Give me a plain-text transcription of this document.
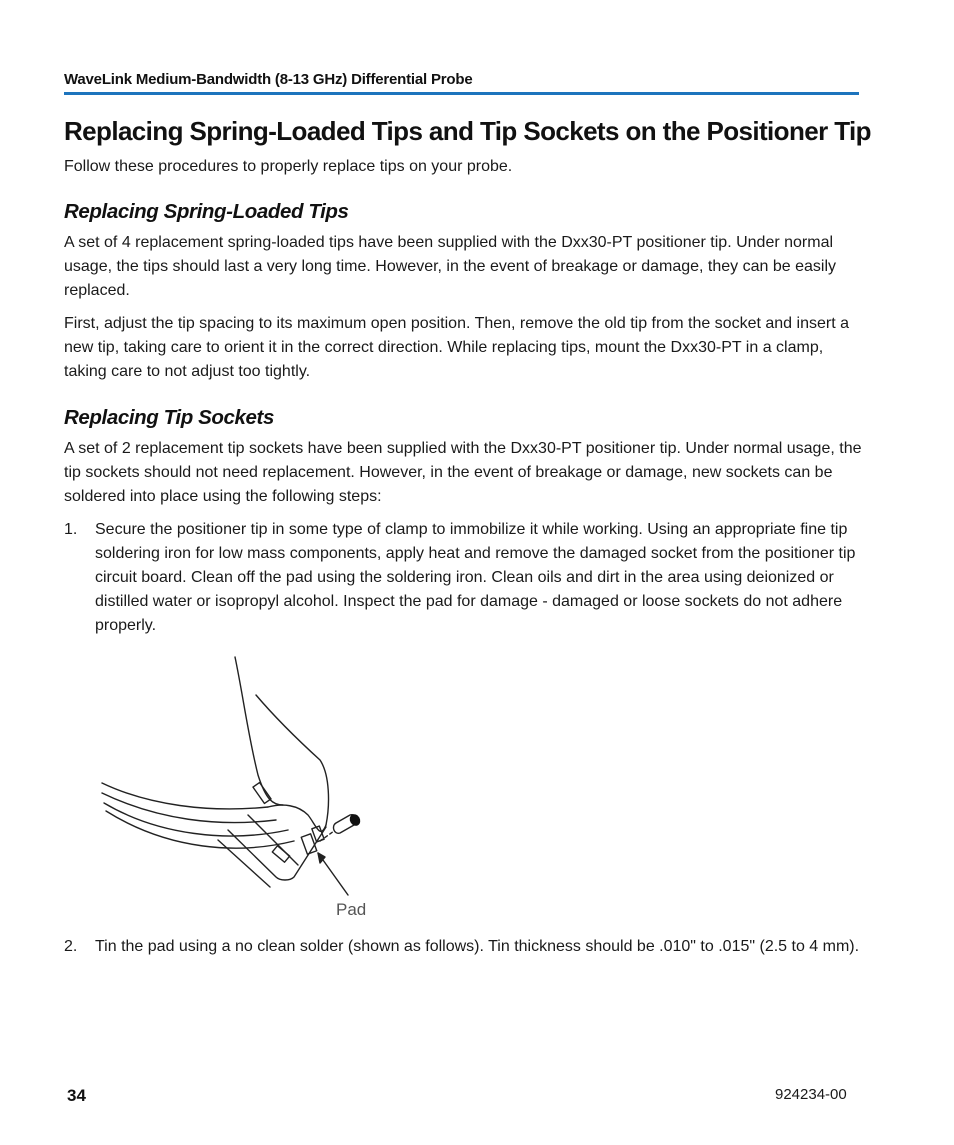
WaveLink Medium-Bandwidth (8-13 GHz) Differential Probe
Replacing Spring-Loaded Tips and Tip Sockets on the Positioner Tip

Follow these procedures to properly replace tips on your probe.

Replacing Spring-Loaded Tips

A set of 4 replacement spring-loaded tips have been supplied with the Dxx30-PT positioner tip. Under normal usage, the tips should last a very long time. However, in the event of breakage or damage, they can be easily replaced.

First, adjust the tip spacing to its maximum open position. Then, remove the old tip from the socket and insert a new tip, taking care to orient it in the correct direction. While replacing tips, mount the Dxx30-PT in a clamp, taking care to not adjust too tightly.

Replacing Tip Sockets

A set of 2 replacement tip sockets have been supplied with the Dxx30-PT positioner tip. Under normal usage, the tip sockets should not need replacement. However, in the event of breakage or damage, new sockets can be soldered into place using the following steps:

1. Secure the positioner tip in some type of clamp to immobilize it while working. Using an appropriate fine tip soldering iron for low mass components, apply heat and remove the damaged socket from the positioner tip circuit board. Clean off the pad using the soldering iron. Clean oils and dirt in the area using deionized or distilled water or isopropyl alcohol. Inspect the pad for damage - damaged or loose sockets do not adhere properly.
Pad
2. Tin the pad using a no clean solder (shown as follows). Tin thickness should be .010" to .015" (2.5 to 4 mm).
34	924234-00
